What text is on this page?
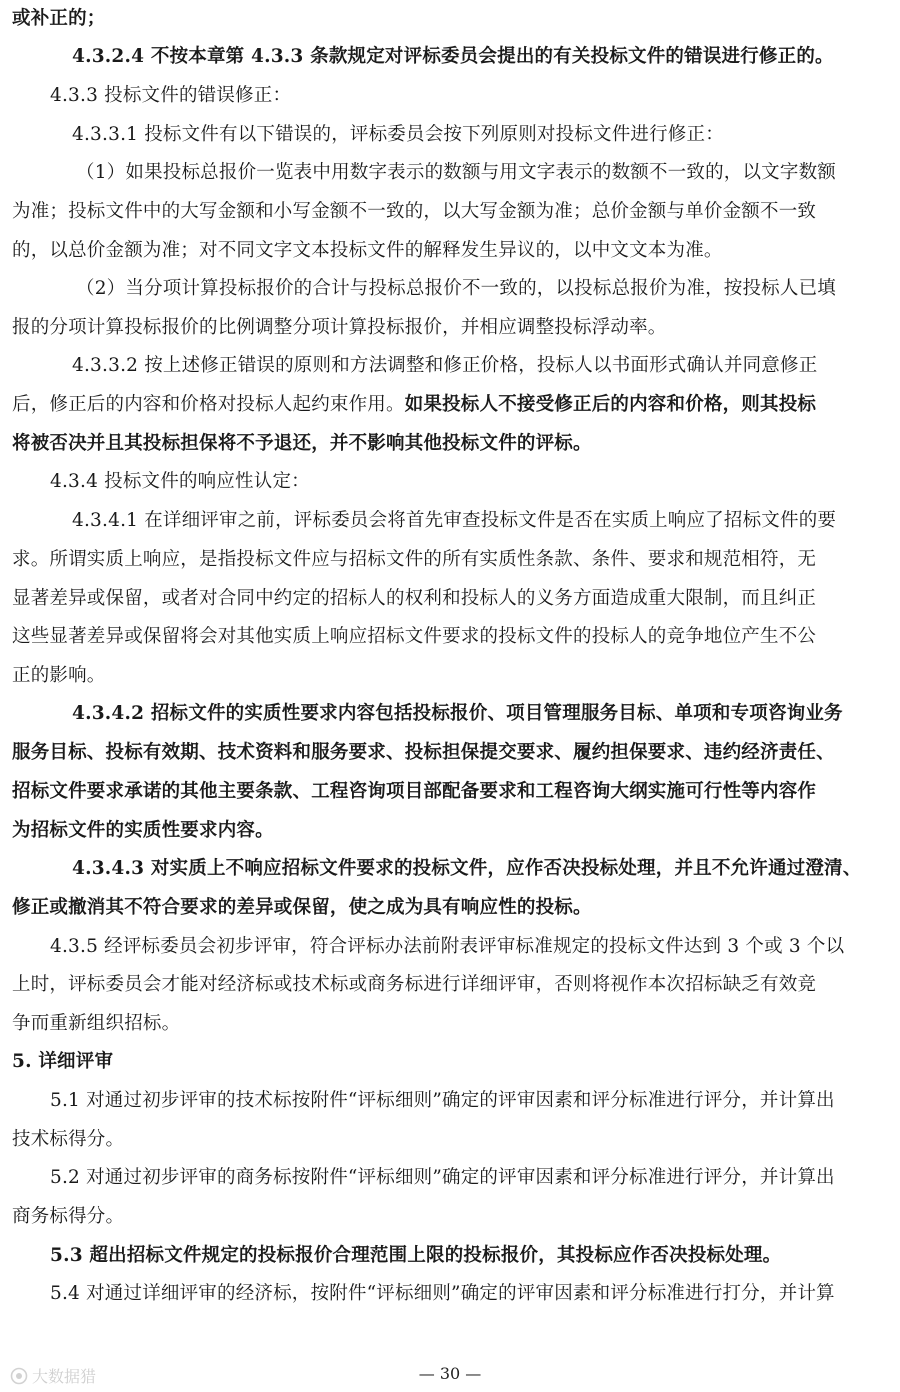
或补正的；
4.3.2.4 不按本章第 4.3.3 条款规定对评标委员会提出的有关投标文件的错误进行修正的。
4.3.3 投标文件的错误修正：
4.3.3.1 投标文件有以下错误的，评标委员会按下列原则对投标文件进行修正：
（1）如果投标总报价一览表中用数字表示的数额与用文字表示的数额不一致的，以文字数额
为准；投标文件中的大写金额和小写金额不一致的，以大写金额为准；总价金额与单价金额不一致
的，以总价金额为准；对不同文字文本投标文件的解释发生异议的，以中文文本为准。
（2）当分项计算投标报价的合计与投标总报价不一致的，以投标总报价为准，按投标人已填
报的分项计算投标报价的比例调整分项计算投标报价，并相应调整投标浮动率。
4.3.3.2 按上述修正错误的原则和方法调整和修正价格，投标人以书面形式确认并同意修正
后，修正后的内容和价格对投标人起约束作用。如果投标人不接受修正后的内容和价格，则其投标
将被否决并且其投标担保将不予退还，并不影响其他投标文件的评标。
4.3.4 投标文件的响应性认定：
4.3.4.1 在详细评审之前，评标委员会将首先审查投标文件是否在实质上响应了招标文件的要
求。所谓实质上响应，是指投标文件应与招标文件的所有实质性条款、条件、要求和规范相符，无
显著差异或保留，或者对合同中约定的招标人的权利和投标人的义务方面造成重大限制，而且纠正
这些显著差异或保留将会对其他实质上响应招标文件要求的投标文件的投标人的竞争地位产生不公
正的影响。
4.3.4.2 招标文件的实质性要求内容包括投标报价、项目管理服务目标、单项和专项咨询业务
服务目标、投标有效期、技术资料和服务要求、投标担保提交要求、履约担保要求、违约经济责任、
招标文件要求承诺的其他主要条款、工程咨询项目部配备要求和工程咨询大纲实施可行性等内容作
为招标文件的实质性要求内容。
4.3.4.3 对实质上不响应招标文件要求的投标文件，应作否决投标处理，并且不允许通过澄清、
修正或撤消其不符合要求的差异或保留，使之成为具有响应性的投标。
4.3.5 经评标委员会初步评审，符合评标办法前附表评审标准规定的投标文件达到 3 个或 3 个以
上时，评标委员会才能对经济标或技术标或商务标进行详细评审，否则将视作本次招标缺乏有效竞
争而重新组织招标。
5. 详细评审
5.1 对通过初步评审的技术标按附件“评标细则”确定的评审因素和评分标准进行评分，并计算出
技术标得分。
5.2 对通过初步评审的商务标按附件“评标细则”确定的评审因素和评分标准进行评分，并计算出
商务标得分。
5.3 超出招标文件规定的投标报价合理范围上限的投标报价，其投标应作否决投标处理。
5.4 对通过详细评审的经济标，按附件“评标细则”确定的评审因素和评分标准进行打分，并计算
大数据猎	— 30 —
